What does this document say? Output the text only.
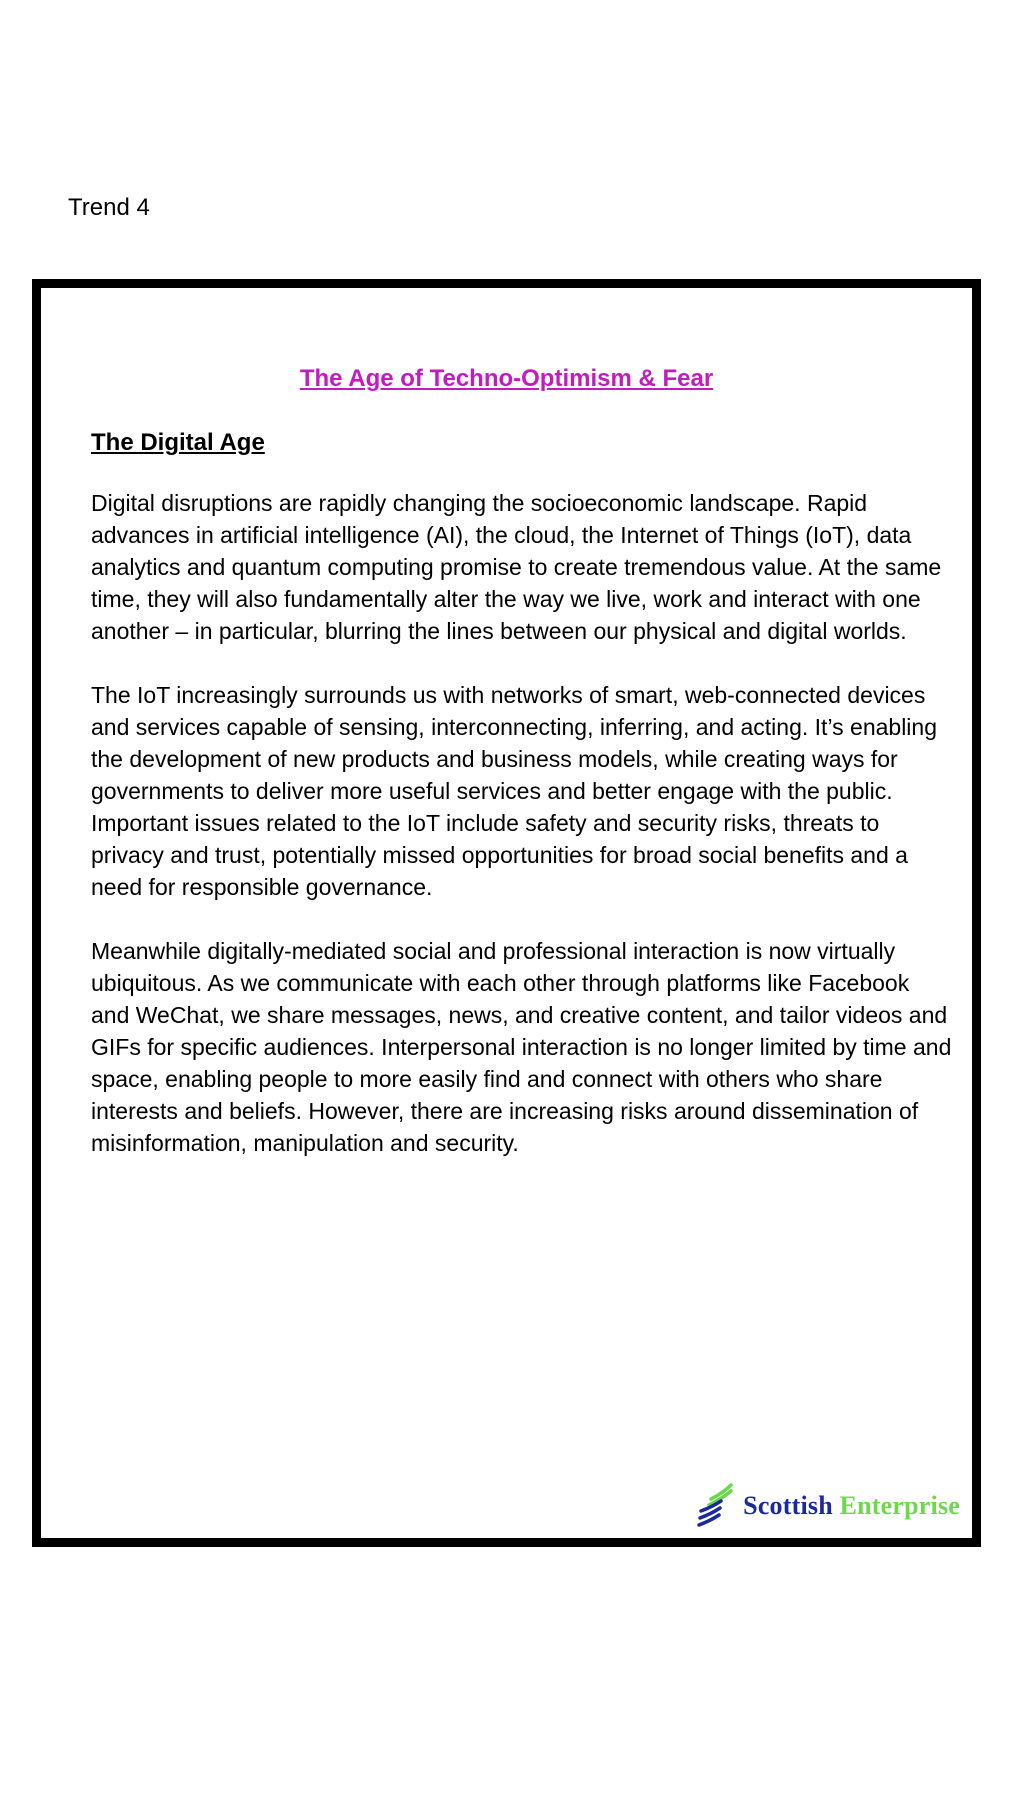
Trend 4
The Age of Techno-Optimism & Fear
The Digital Age

Digital disruptions are rapidly changing the socioeconomic landscape. Rapid
advances in artificial intelligence (AI), the cloud, the Internet of Things (IoT), data
analytics and quantum computing promise to create tremendous value. At the same
time, they will also fundamentally alter the way we live, work and interact with one
another – in particular, blurring the lines between our physical and digital worlds.

The IoT increasingly surrounds us with networks of smart, web-connected devices
and services capable of sensing, interconnecting, inferring, and acting. It’s enabling
the development of new products and business models, while creating ways for
governments to deliver more useful services and better engage with the public.
Important issues related to the IoT include safety and security risks, threats to
privacy and trust, potentially missed opportunities for broad social benefits and a
need for responsible governance.

Meanwhile digitally-mediated social and professional interaction is now virtually
ubiquitous. As we communicate with each other through platforms like Facebook
and WeChat, we share messages, news, and creative content, and tailor videos and
GIFs for specific audiences. Interpersonal interaction is no longer limited by time and
space, enabling people to more easily find and connect with others who share
interests and beliefs. However, there are increasing risks around dissemination of
misinformation, manipulation and security.

Scottish Enterprise
